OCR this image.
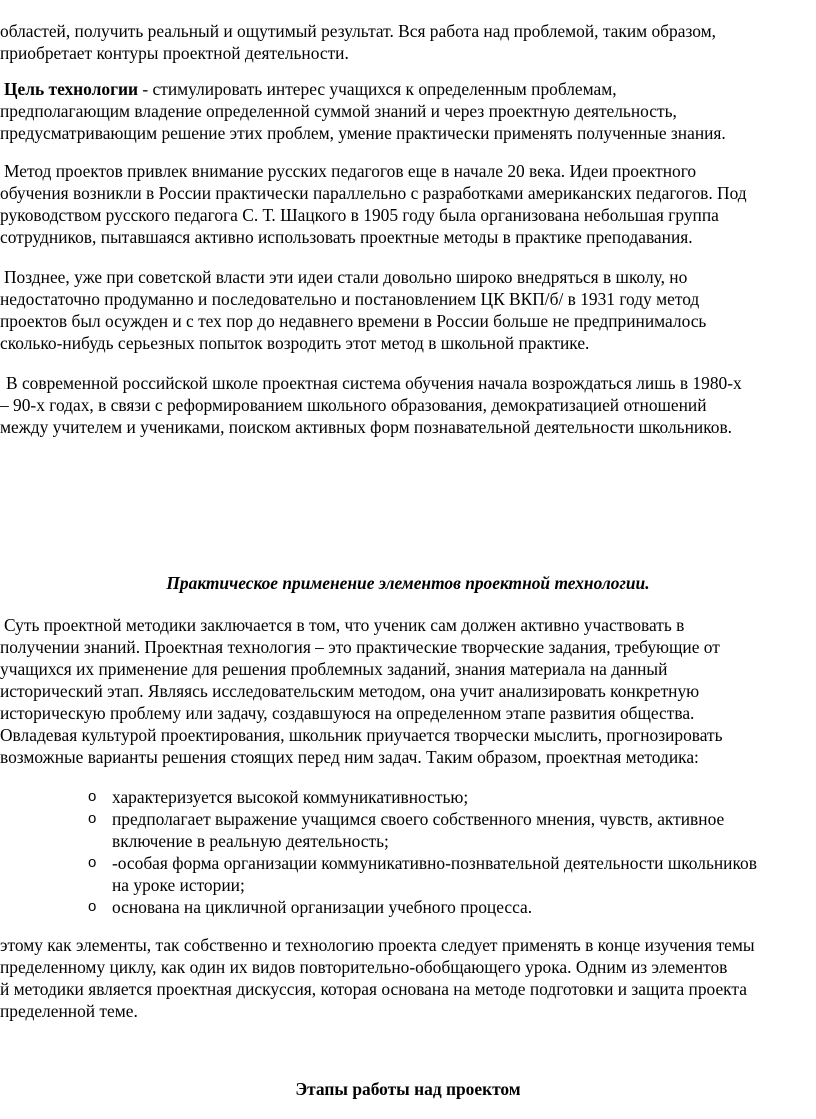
областей, получить реальный и ощутимый результат. Вся работа над проблемой, таким образом,
приобретает контуры проектной деятельности.
Цель технологии - стимулировать интерес учащихся к определенным проблемам,
предполагающим владение определенной суммой знаний и через проектную деятельность,
предусматривающим решение этих проблем, умение практически применять полученные знания.
Метод проектов привлек внимание русских педагогов еще в начале 20 века. Идеи проектного
обучения возникли в России практически параллельно с разработками американских педагогов. Под
руководством русского педагога С. Т. Шацкого в 1905 году была организована небольшая группа
сотрудников, пытавшаяся активно использовать проектные методы в практике преподавания.
Позднее, уже при советской власти эти идеи стали довольно широко внедряться в школу, но
недостаточно продуманно и последовательно и постановлением ЦК ВКП/б/ в 1931 году метод
проектов был осужден и с тех пор до недавнего времени в России больше не предпринималось
сколько-нибудь серьезных попыток возродить этот метод в школьной практике.
В современной российской школе проектная система обучения начала возрождаться лишь в 1980-х
– 90-х годах, в связи с реформированием школьного образования, демократизацией отношений
между учителем и учениками, поиском активных форм познавательной деятельности школьников.
Практическое применение элементов проектной технологии.
Суть проектной методики заключается в том, что ученик сам должен активно участвовать в
получении знаний. Проектная технология – это практические творческие задания, требующие от
учащихся их применение для решения проблемных заданий, знания материала на данный
исторический этап. Являясь исследовательским методом, она учит анализировать конкретную
историческую проблему или задачу, создавшуюся на определенном этапе развития общества.
Овладевая культурой проектирования, школьник приучается творчески мыслить, прогнозировать
возможные варианты решения стоящих перед ним задач. Таким образом, проектная методика:
o характеризуется высокой коммуникативностью;
o предполагает выражение учащимся своего собственного мнения, чувств, активное
включение в реальную деятельность;
o -особая форма организации коммуникативно-познвательной деятельности школьников
на уроке истории;
o основана на цикличной организации учебного процесса.
этому как элементы, так собственно и технологию проекта следует применять в конце изучения темы
пределенному циклу, как один их видов повторительно-обобщающего урока. Одним из элементов
й методики является проектная дискуссия, которая основана на методе подготовки и защита проекта
пределенной теме.
Этапы работы над проектом
